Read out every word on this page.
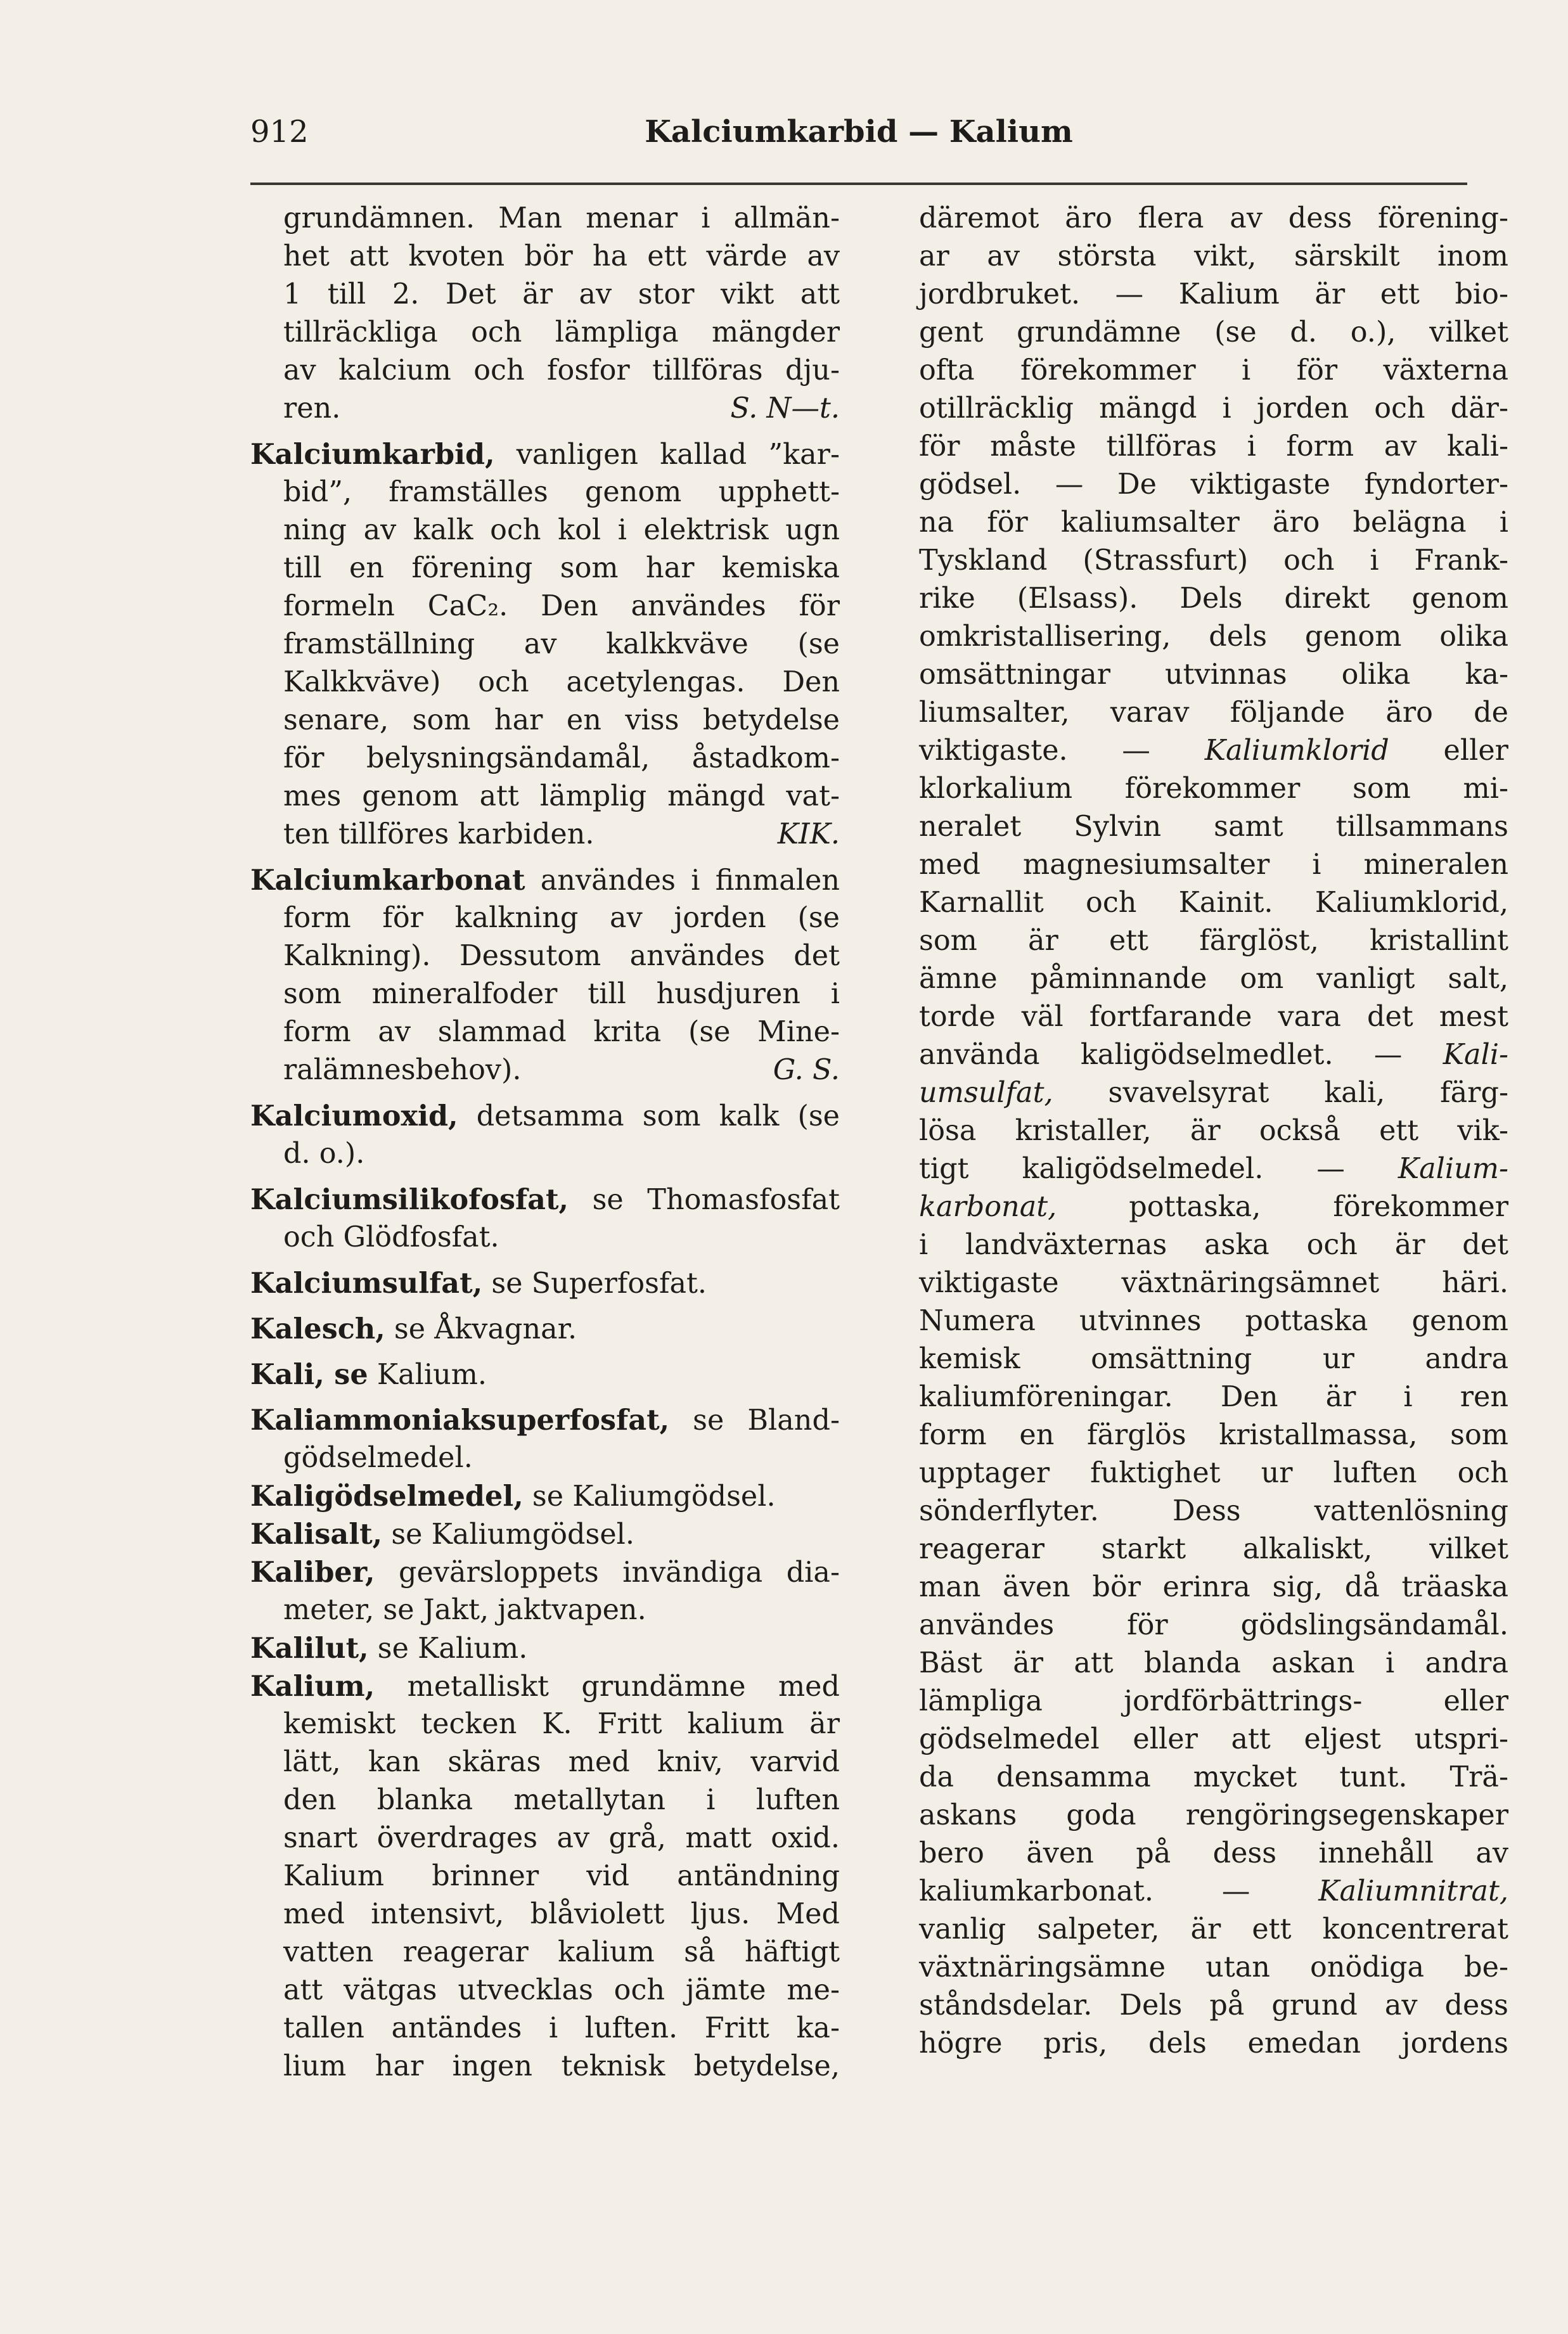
912	Kalciumkarbid — Kalium
grundämnen. Man menar i allmän-
het att kvoten bör ha ett värde av
1 till 2. Det är av stor vikt att
tillräckliga och lämpliga mängder
av kalcium och fosfor tillföras dju-
ren.	S. N—t.
Kalciumkarbid, vanligen kallad ”kar-
bid”, framställes genom upphett-
ning av kalk och kol i elektrisk ugn
till en förening som har kemiska
formeln CaC₂. Den användes för
framställning av kalkkväve (se
Kalkkväve) och acetylengas. Den
senare, som har en viss betydelse
för belysningsändamål, åstadkom-
mes genom att lämplig mängd vat-
ten tillföres karbiden.	KIK.
Kalciumkarbonat användes i finmalen
form för kalkning av jorden (se
Kalkning). Dessutom användes det
som mineralfoder till husdjuren i
form av slammad krita (se Mine-
ralämnesbehov).	G. S.
Kalciumoxid, detsamma som kalk (se
d. o.).
Kalciumsilikofosfat, se Thomasfosfat
och Glödfosfat.
Kalciumsulfat, se Superfosfat.
Kalesch, se Åkvagnar.
Kali, se Kalium.
Kaliammoniaksuperfosfat, se Bland-
gödselmedel.
Kaligödselmedel, se Kaliumgödsel.
Kalisalt, se Kaliumgödsel.
Kaliber, gevärsloppets invändiga dia-
meter, se Jakt, jaktvapen.
Kalilut, se Kalium.
Kalium, metalliskt grundämne med
kemiskt tecken K. Fritt kalium är
lätt, kan skäras med kniv, varvid
den blanka metallytan i luften
snart överdrages av grå, matt oxid.
Kalium brinner vid antändning
med intensivt, blåviolett ljus. Med
vatten reagerar kalium så häftigt
att vätgas utvecklas och jämte me-
tallen antändes i luften. Fritt ka-
lium har ingen teknisk betydelse,
däremot äro flera av dess förening-
ar av största vikt, särskilt inom
jordbruket. — Kalium är ett bio-
gent grundämne (se d. o.), vilket
ofta förekommer i för växterna
otillräcklig mängd i jorden och där-
för måste tillföras i form av kali-
gödsel. — De viktigaste fyndorter-
na för kaliumsalter äro belägna i
Tyskland (Strassfurt) och i Frank-
rike (Elsass). Dels direkt genom
omkristallisering, dels genom olika
omsättningar utvinnas olika ka-
liumsalter, varav följande äro de
viktigaste. — Kaliumklorid eller
klorkalium förekommer som mi-
neralet Sylvin samt tillsammans
med magnesiumsalter i mineralen
Karnallit och Kainit. Kaliumklorid,
som är ett färglöst, kristallint
ämne påminnande om vanligt salt,
torde väl fortfarande vara det mest
använda kaligödselmedlet. — Kali-
umsulfat, svavelsyrat kali, färg-
lösa kristaller, är också ett vik-
tigt kaligödselmedel. — Kalium-
karbonat,	pottaska, förekommer
i landväxternas aska och är det
viktigaste växtnäringsämnet häri.
Numera utvinnes pottaska genom
kemisk omsättning ur andra
kaliumföreningar. Den är i ren
form en färglös kristallmassa, som
upptager fuktighet ur luften och
sönderflyter. Dess vattenlösning
reagerar starkt alkaliskt, vilket
man även bör erinra sig, då träaska
användes för gödslingsändamål.
Bäst är att blanda askan i andra
lämpliga jordförbättrings- eller
gödselmedel eller att eljest utspri-
da densamma mycket tunt. Trä-
askans goda rengöringsegenskaper
bero även på dess innehåll av
kaliumkarbonat. — Kaliumnitrat,
vanlig salpeter, är ett koncentrerat
växtnäringsämne utan onödiga be-
ståndsdelar. Dels på grund av dess
högre pris, dels emedan jordens
